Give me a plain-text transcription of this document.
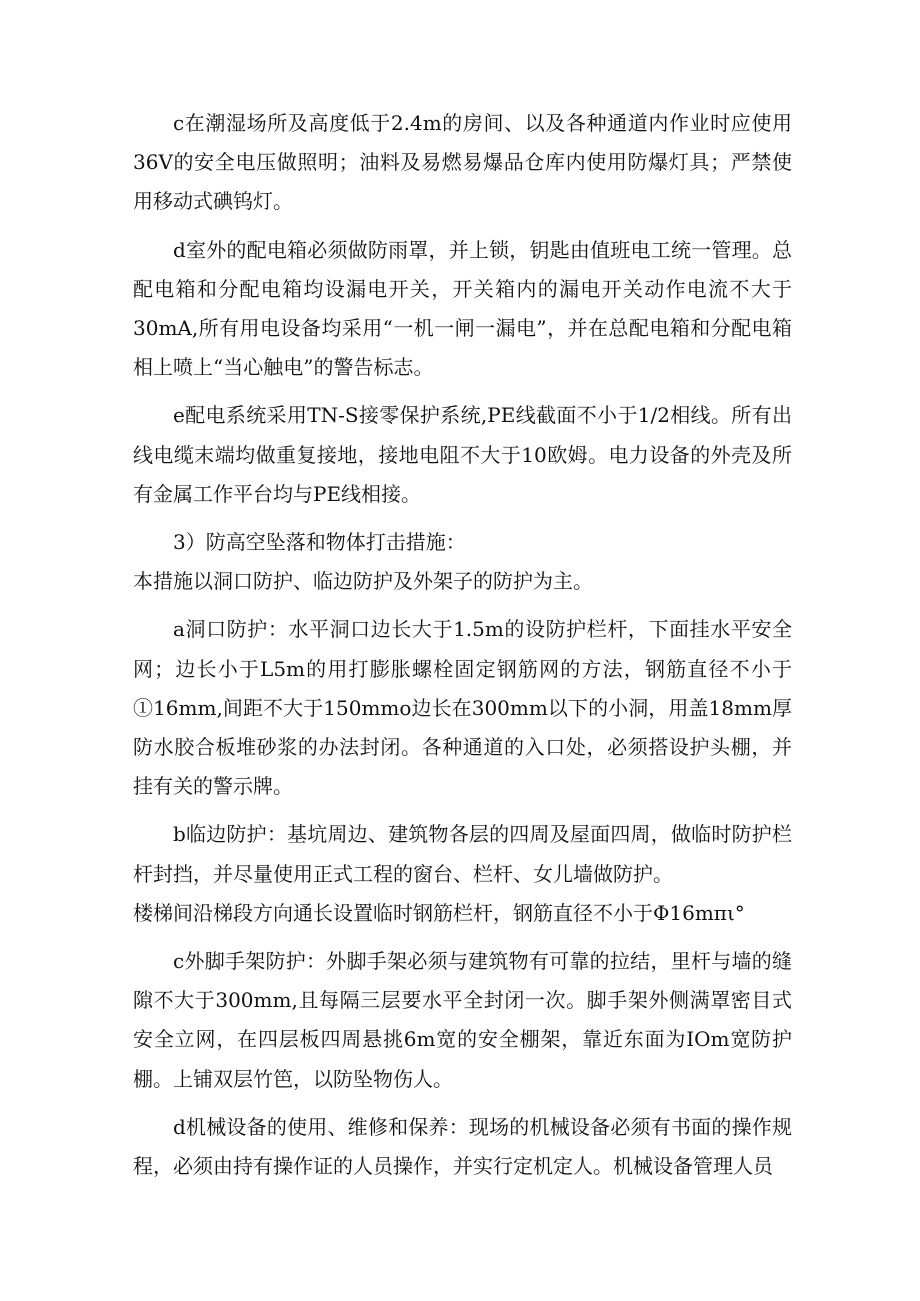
c在潮湿场所及高度低于2.4m的房间、以及各种通道内作业时应使用36V的安全电压做照明；油料及易燃易爆品仓库内使用防爆灯具；严禁使用移动式碘钨灯。

d室外的配电箱必须做防雨罩，并上锁，钥匙由值班电工统一管理。总配电箱和分配电箱均设漏电开关，开关箱内的漏电开关动作电流不大于30mA,所有用电设备均采用“一机一闸一漏电”，并在总配电箱和分配电箱相上喷上“当心触电”的警告标志。

e配电系统采用TN-S接零保护系统,PE线截面不小于1/2相线。所有出线电缆末端均做重复接地，接地电阻不大于10欧姆。电力设备的外壳及所有金属工作平台均与PE线相接。

3）防高空坠落和物体打击措施：

本措施以洞口防护、临边防护及外架子的防护为主。

a洞口防护：水平洞口边长大于1.5m的设防护栏杆，下面挂水平安全网；边长小于L5m的用打膨胀螺栓固定钢筋网的方法，钢筋直径不小于①16mm,间距不大于150mmo边长在300mm以下的小洞，用盖18mm厚防水胶合板堆砂浆的办法封闭。各种通道的入口处，必须搭设护头棚，并挂有关的警示牌。

b临边防护：基坑周边、建筑物各层的四周及屋面四周，做临时防护栏杆封挡，并尽量使用正式工程的窗台、栏杆、女儿墙做防护。

楼梯间沿梯段方向通长设置临时钢筋栏杆，钢筋直径不小于Φ16mπι°

c外脚手架防护：外脚手架必须与建筑物有可靠的拉结，里杆与墙的缝隙不大于300mm,且每隔三层要水平全封闭一次。脚手架外侧满罩密目式安全立网，在四层板四周悬挑6m宽的安全棚架，靠近东面为IOm宽防护棚。上铺双层竹笆，以防坠物伤人。

d机械设备的使用、维修和保养：现场的机械设备必须有书面的操作规程，必须由持有操作证的人员操作，并实行定机定人。机械设备管理人员
